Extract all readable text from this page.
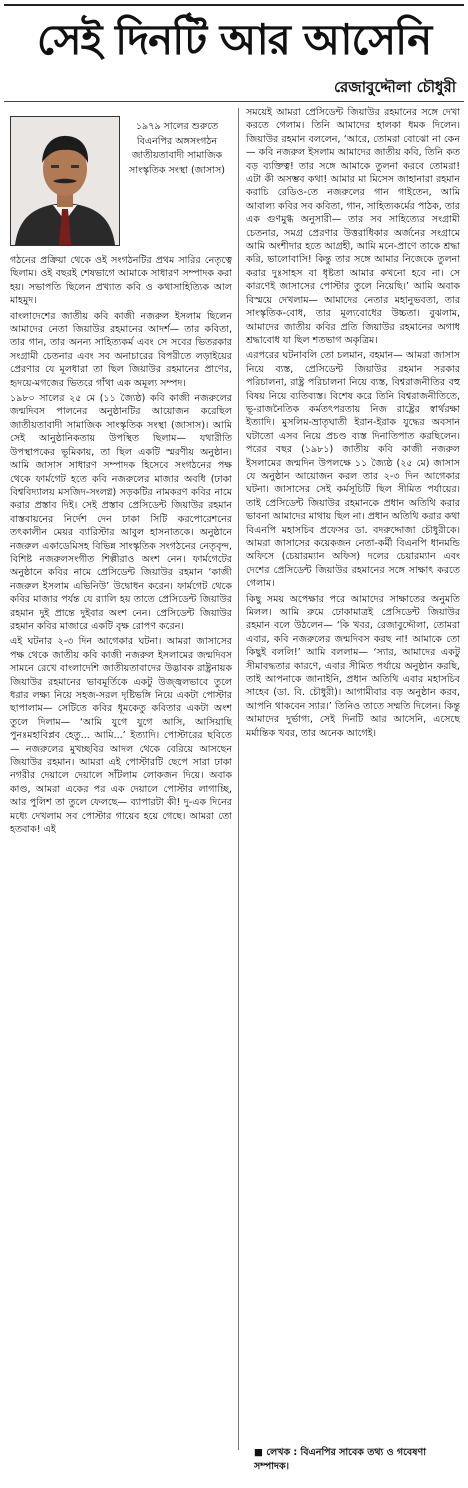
সেই দিনটি আর আসেনি
রেজাবুদ্দৌলা চৌধুরী
১৯৭৯ সালের শুরুতে বিএনপির অঙ্গসংগঠন জাতীয়তাবাদী সামাজিক সাংস্কৃতিক সংস্থা (জাসাস)

গঠনের প্রক্রিয়া থেকে ওই সংগঠনটির প্রথম সারির নেতৃত্বে ছিলাম। ওই বছরই শেষভাগে আমাকে সাধারণ সম্পাদক করা হয়। সভাপতি ছিলেন প্রখ্যাত কবি ও কথাসাহিত্যিক আল মাহমুদ।

বাংলাদেশের জাতীয় কবি কাজী নজরুল ইসলাম ছিলেন আমাদের নেতা জিয়াউর রহমানের আদর্শ— তার কবিতা, তার গান, তার অনন্য সাহিত্যকর্ম এবং সে সবের ভিতরকার সংগ্রামী চেতনার এবং সব অনাচারের বিপরীতে লড়াইয়ের প্রেরণার যে মূলধারা তা ছিল জিয়াউর রহমানের প্রাণের, হৃদয়ে-মগজের ভিতরে গাঁথা এক অমূল্য সম্পদ।

১৯৮০ সালের ২৫ মে (১১ জ্যৈষ্ঠ) কবি কাজী নজরুলের জন্মদিবস পালনের অনুষ্ঠানটির আয়োজন করেছিল জাতীয়তাবাদী সামাজিক সাংস্কৃতিক সংস্থা (জাসাস)। আমি সেই আনুষ্ঠানিকতায় উপস্থিত ছিলাম— যথারীতি উপস্থাপকের ভূমিকায়, তা ছিল একটি স্মরণীয় অনুষ্ঠান। আমি জাসাস সাধারণ সম্পাদক হিসেবে সংগঠনের পক্ষ থেকে ফার্মগেট হতে কবি নজরুলের মাজার অবধি (ঢাকা বিশ্ববিদ্যালয় মসজিদ-সংলগ্ন) সড়কটির নামকরণ কবির নামে করার প্রস্তাব দিই। সেই প্রস্তাব প্রেসিডেন্ট জিয়াউর রহমান বাস্তবায়নের নির্দেশ দেন ঢাকা সিটি করপোরেশনের তৎকালীন মেয়র ব্যারিস্টার আবুল হাসনাতকে। অনুষ্ঠানে নজরুল একাডেমিসহ বিভিন্ন সাংস্কৃতিক সংগঠনের নেতৃবৃন্দ, বিশিষ্ট নজরুলসংগীত শিল্পীরাও অংশ নেন। ফার্মগেটের অনুষ্ঠানে কবির নামে প্রেসিডেন্ট জিয়াউর রহমান ‘কাজী নজরুল ইসলাম এভিনিউ’ উদ্বোধন করেন। ফার্মগেট থেকে কবির মাজার পর্যন্ত যে র‍্যালি হয় তাতে প্রেসিডেন্ট জিয়াউর রহমান দুই প্রান্তে দুইবার অংশ নেন। প্রেসিডেন্ট জিয়াউর রহমান কবির মাজারে একটি বৃক্ষ রোপণ করেন।

এই ঘটনার ২-৩ দিন আগেকার ঘটনা। আমরা জাসাসের পক্ষ থেকে জাতীয় কবি কাজী নজরুল ইসলামের জন্মদিবস সামনে রেখে বাংলাদেশি জাতীয়তাবাদের উদ্ভাবক রাষ্ট্রনায়ক জিয়াউর রহমানের ভাবমূর্তিকে একটু উজ্জ্বলভাবে তুলে ধরার লক্ষ্য নিয়ে সহজ-সরল দৃষ্টিভঙ্গি নিয়ে একটা পোস্টার ছাপালাম— সেটিতে কবির ধূমকেতু কবিতার একটা অংশ তুলে দিলাম— ‘আমি যুগে যুগে আসি, আসিয়াছি পুনঃমহাবিপ্লব হেতু... আমি...’ ইত্যাদি। পোস্টারের ছবিতে— নজরুলের মুখচ্ছবির আদল থেকে বেরিয়ে আসছেন জিয়াউর রহমান। আমরা এই পোস্টারটি ছেপে সারা ঢাকা নগরীর দেয়ালে দেয়ালে সাঁটলাম লোকজন দিয়ে। অবাক কাণ্ড, আমরা একের পর এক দেয়ালে পোস্টার লাগাচ্ছি, আর পুলিশ তা তুলে ফেলছে— ব্যাপারটা কী! দু-এক দিনের মধ্যে দেখলাম সব পোস্টার গায়েব হয়ে গেছে। আমরা তো হতবাক! এই

সময়েই আমরা প্রেসিডেন্ট জিয়াউর রহমানের সঙ্গে দেখা করতে গেলাম। তিনি আমাদের হালকা ধমক দিলেন। জিয়াউর রহমান বললেন, ‘আরে, তোমরা বোঝো না কেন— কবি নজরুল ইসলাম আমাদের জাতীয় কবি, তিনি কত বড় ব্যক্তিত্ব! তার সঙ্গে আমাকে তুলনা করবে তোমরা! এটা কী অসম্ভব কথা! আমার মা মিসেস জাহানারা রহমান করাচি রেডিও-তে নজরুলের গান গাইতেন, আমি আবাল্য কবির সব কবিতা, গান, সাহিত্যকর্মের পাঠক, তার এক গুণমুগ্ধ অনুসারী— তার সব সাহিত্যের সংগ্রামী চেতনার, সমগ্র প্রেরণার উত্তরাধিকার অর্জনের সংগ্রামে আমি অংশীদার হতে আগ্রহী, আমি মনে-প্রাণে তাকে শ্রদ্ধা করি, ভালোবাসি! কিন্তু তার সঙ্গে আমার নিজেকে তুলনা করার দুঃসাহস বা ধৃষ্টতা আমার কখনো হবে না। সে কারণেই জাসাসের পোস্টার তুলে নিয়েছি।’ আমি অবাক বিস্ময়ে দেখলাম— আমাদের নেতার মহানুভবতা, তার সাংস্কৃতিক-বোধ, তার মূল্যবোধের উচ্চতা। বুঝলাম, আমাদের জাতীয় কবির প্রতি জিয়াউর রহমানের অগাধ শ্রদ্ধাবোধ যা ছিল শতভাগ অকৃত্রিম।

এরপরের ঘটনাবলি তো চলমান, বহমান— আমরা জাসাস নিয়ে ব্যস্ত, প্রেসিডেন্ট জিয়াউর রহমান সরকার পরিচালনা, রাষ্ট্র পরিচালনা নিয়ে ব্যস্ত, বিশ্বরাজনীতির বহু বিষয় নিয়ে ব্যতিব্যস্ত। বিশেষ করে তিনি বিশ্বরাজনীতিতে, ভূ-রাজনৈতিক কর্মতৎপরতায় নিজ রাষ্ট্রের স্বার্থরক্ষা ইত্যাদি। মুসলিম-ভ্রাতৃঘাতী ইরান-ইরাক যুদ্ধের অবসান ঘটাতো এসব নিয়ে প্রচণ্ড ব্যস্ত দিনাতিপাত করছিলেন। পরের বছর (১৯৮১) জাতীয় কবি কাজী নজরুল ইসলামের জন্মদিন উপলক্ষে ১১ জ্যৈষ্ঠ (২৫ মে) জাসাস যে অনুষ্ঠান আয়োজন করল তার ২-৩ দিন আগেকার ঘটনা। জাসাসের সেই কর্মসূচিটি ছিল সীমিত পর্যায়ের। তাই প্রেসিডেন্ট জিয়াউর রহমানকে প্রধান অতিথি করার ভাবনা আমাদের মাথায় ছিল না। প্রধান অতিথি করার কথা বিএনপি মহাসচিব প্রফেসর ডা. বদরুদ্দোজা চৌধুরীকে। আমরা জাসাসের কয়েকজন নেতা-কর্মী বিএনপি ধানমন্ডি অফিসে (চেয়ারম্যান অফিস) দলের চেয়ারম্যান এবং দেশের প্রেসিডেন্ট জিয়াউর রহমানের সঙ্গে সাক্ষাৎ করতে গেলাম।

কিছু সময় অপেক্ষার পরে আমাদের সাক্ষাতের অনুমতি মিলল। আমি রুমে ঢোকামাত্রই প্রেসিডেন্ট জিয়াউর রহমান বলে উঠলেন— ‘কি খবর, রেজাবুদ্দৌলা, তোমরা এবার, কবি নজরুলের জন্মদিবস করছ না! আমাকে তো কিছুই বললি!’ আমি বললাম— ‘স্যার, আমাদের একটু সীমাবদ্ধতার কারণে, এবার সীমিত পর্যায়ে অনুষ্ঠান করছি, তাই আপনাকে জানাইনি, প্রধান অতিথি এবার মহাসচিব সাহেব (ডা. বি. চৌধুরী)। আগামীবার বড় অনুষ্ঠান করব, আপনি থাকবেন স্যার।’ তিনিও তাতে সম্মতি দিলেন। কিন্তু আমাদের দুর্ভাগ্য, সেই দিনটি আর আসেনি, এসেছে মর্মান্তিক খবর, তার অনেক আগেই।

■ লেখক : বিএনপির সাবেক তথ্য ও গবেষণা সম্পাদক।
